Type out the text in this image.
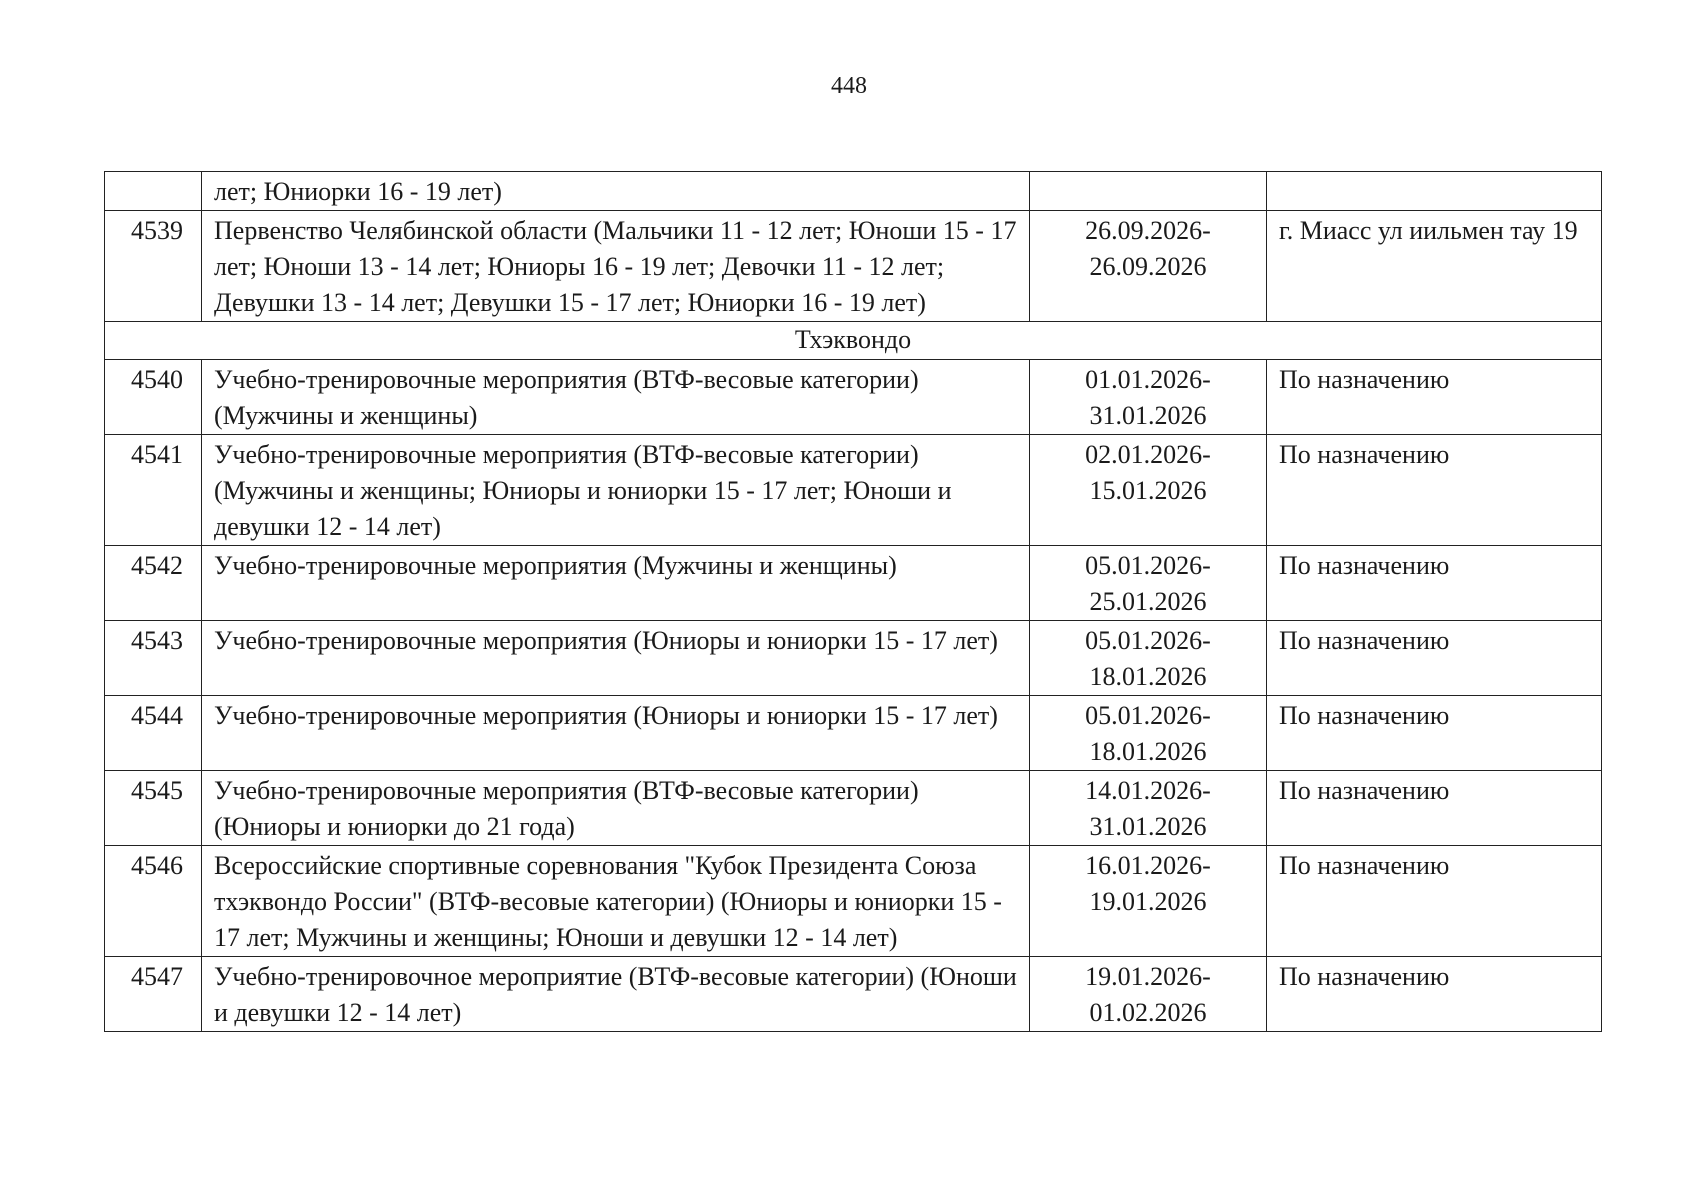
448
	лет; Юниорки 16 - 19 лет)		
4539	Первенство Челябинской области (Мальчики 11 - 12 лет; Юноши 15 - 17 лет; Юноши 13 - 14 лет; Юниоры 16 - 19 лет; Девочки 11 - 12 лет; Девушки 13 - 14 лет; Девушки 15 - 17 лет; Юниорки 16 - 19 лет)	26.09.2026-26.09.2026	г. Миасс ул иильмен тау 19
Тхэквондо			
4540	Учебно-тренировочные мероприятия (ВТФ-весовые категории) (Мужчины и женщины)	01.01.2026-31.01.2026	По назначению
4541	Учебно-тренировочные мероприятия (ВТФ-весовые категории) (Мужчины и женщины; Юниоры и юниорки 15 - 17 лет; Юноши и девушки 12 - 14 лет)	02.01.2026-15.01.2026	По назначению
4542	Учебно-тренировочные мероприятия (Мужчины и женщины)	05.01.2026-25.01.2026	По назначению
4543	Учебно-тренировочные мероприятия (Юниоры и юниорки 15 - 17 лет)	05.01.2026-18.01.2026	По назначению
4544	Учебно-тренировочные мероприятия (Юниоры и юниорки 15 - 17 лет)	05.01.2026-18.01.2026	По назначению
4545	Учебно-тренировочные мероприятия (ВТФ-весовые категории) (Юниоры и юниорки до 21 года)	14.01.2026-31.01.2026	По назначению
4546	Всероссийские спортивные соревнования "Кубок Президента Союза тхэквондо России" (ВТФ-весовые категории) (Юниоры и юниорки 15 - 17 лет; Мужчины и женщины; Юноши и девушки 12 - 14 лет)	16.01.2026-19.01.2026	По назначению
4547	Учебно-тренировочное мероприятие (ВТФ-весовые категории) (Юноши и девушки 12 - 14 лет)	19.01.2026-01.02.2026	По назначению
